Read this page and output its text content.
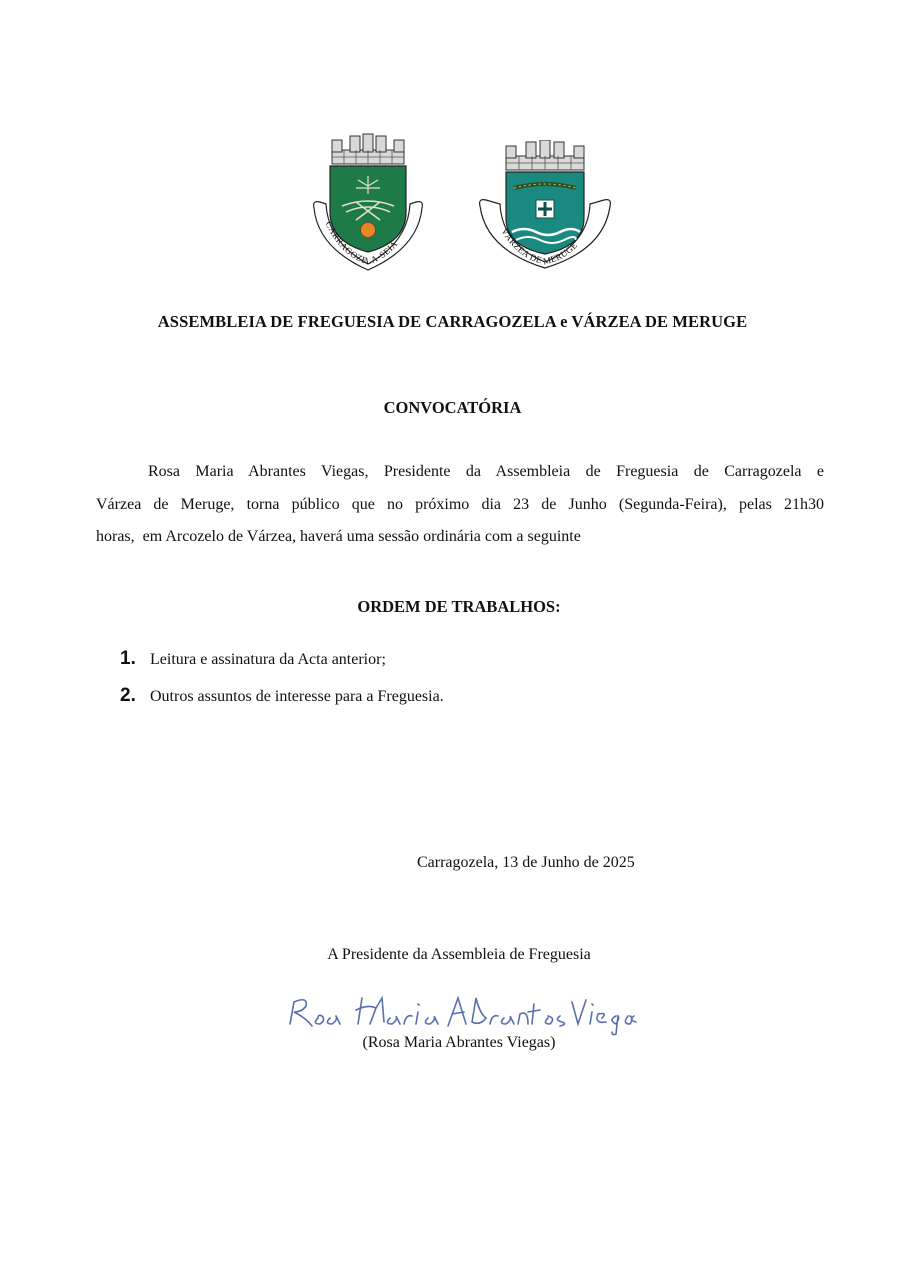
CARRAGOZELA-SEIA
VÁRZEA DE MERUGE
ASSEMBLEIA DE FREGUESIA DE CARRAGOZELA e VÁRZEA DE MERUGE
CONVOCATÓRIA
Rosa Maria Abrantes Viegas, Presidente da Assembleia de Freguesia de Carragozela e
Várzea de Meruge, torna público que no próximo dia 23 de Junho (Segunda-Feira), pelas 21h30
horas,  em Arcozelo de Várzea, haverá uma sessão ordinária com a seguinte
ORDEM DE TRABALHOS:
1. Leitura e assinatura da Acta anterior;
2. Outros assuntos de interesse para a Freguesia.
Carragozela, 13 de Junho de 2025
A Presidente da Assembleia de Freguesia
(Rosa Maria Abrantes Viegas)
